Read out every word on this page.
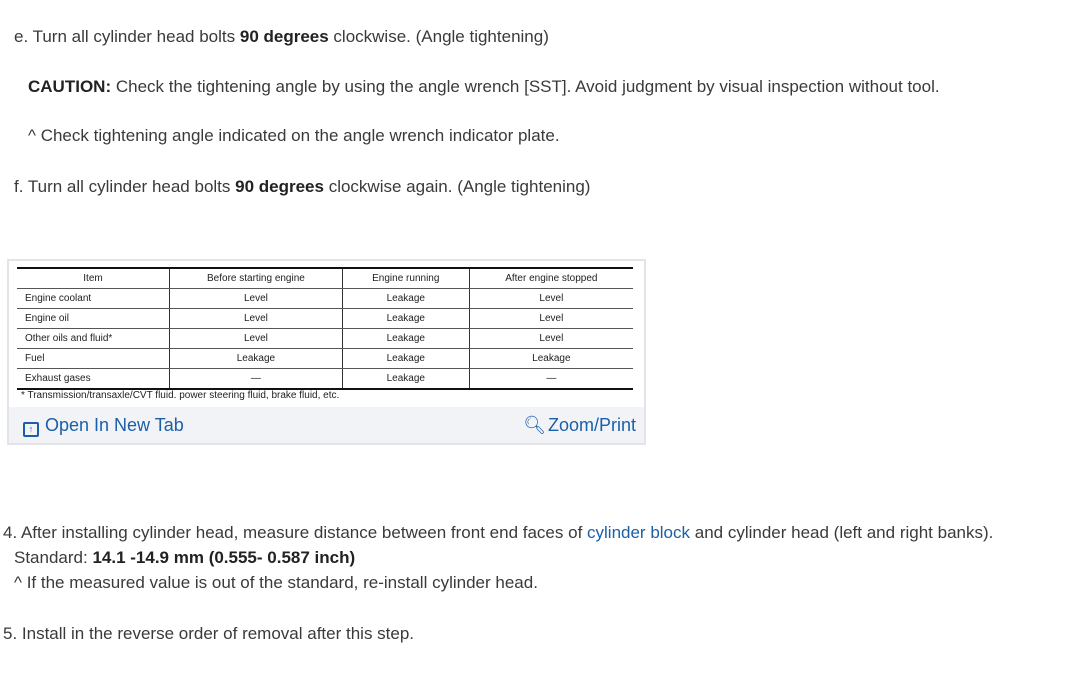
e. Turn all cylinder head bolts 90 degrees clockwise. (Angle tightening)
CAUTION: Check the tightening angle by using the angle wrench [SST]. Avoid judgment by visual inspection without tool.
^ Check tightening angle indicated on the angle wrench indicator plate.
f. Turn all cylinder head bolts 90 degrees clockwise again. (Angle tightening)
Item	Before starting engine	Engine running	After engine stopped
Engine coolant	Level	Leakage	Level
Engine oil	Level	Leakage	Level
Other oils and fluid*	Level	Leakage	Level
Fuel	Leakage	Leakage	Leakage
Exhaust gases	—	Leakage	—
* Transmission/transaxle/CVT fluid. power steering fluid, brake fluid, etc.
↑ Open In New Tab	🔍︎ Zoom/Print
4. After installing cylinder head, measure distance between front end faces of cylinder block and cylinder head (left and right banks).
Standard: 14.1 -14.9 mm (0.555- 0.587 inch)
^ If the measured value is out of the standard, re-install cylinder head.
5. Install in the reverse order of removal after this step.
